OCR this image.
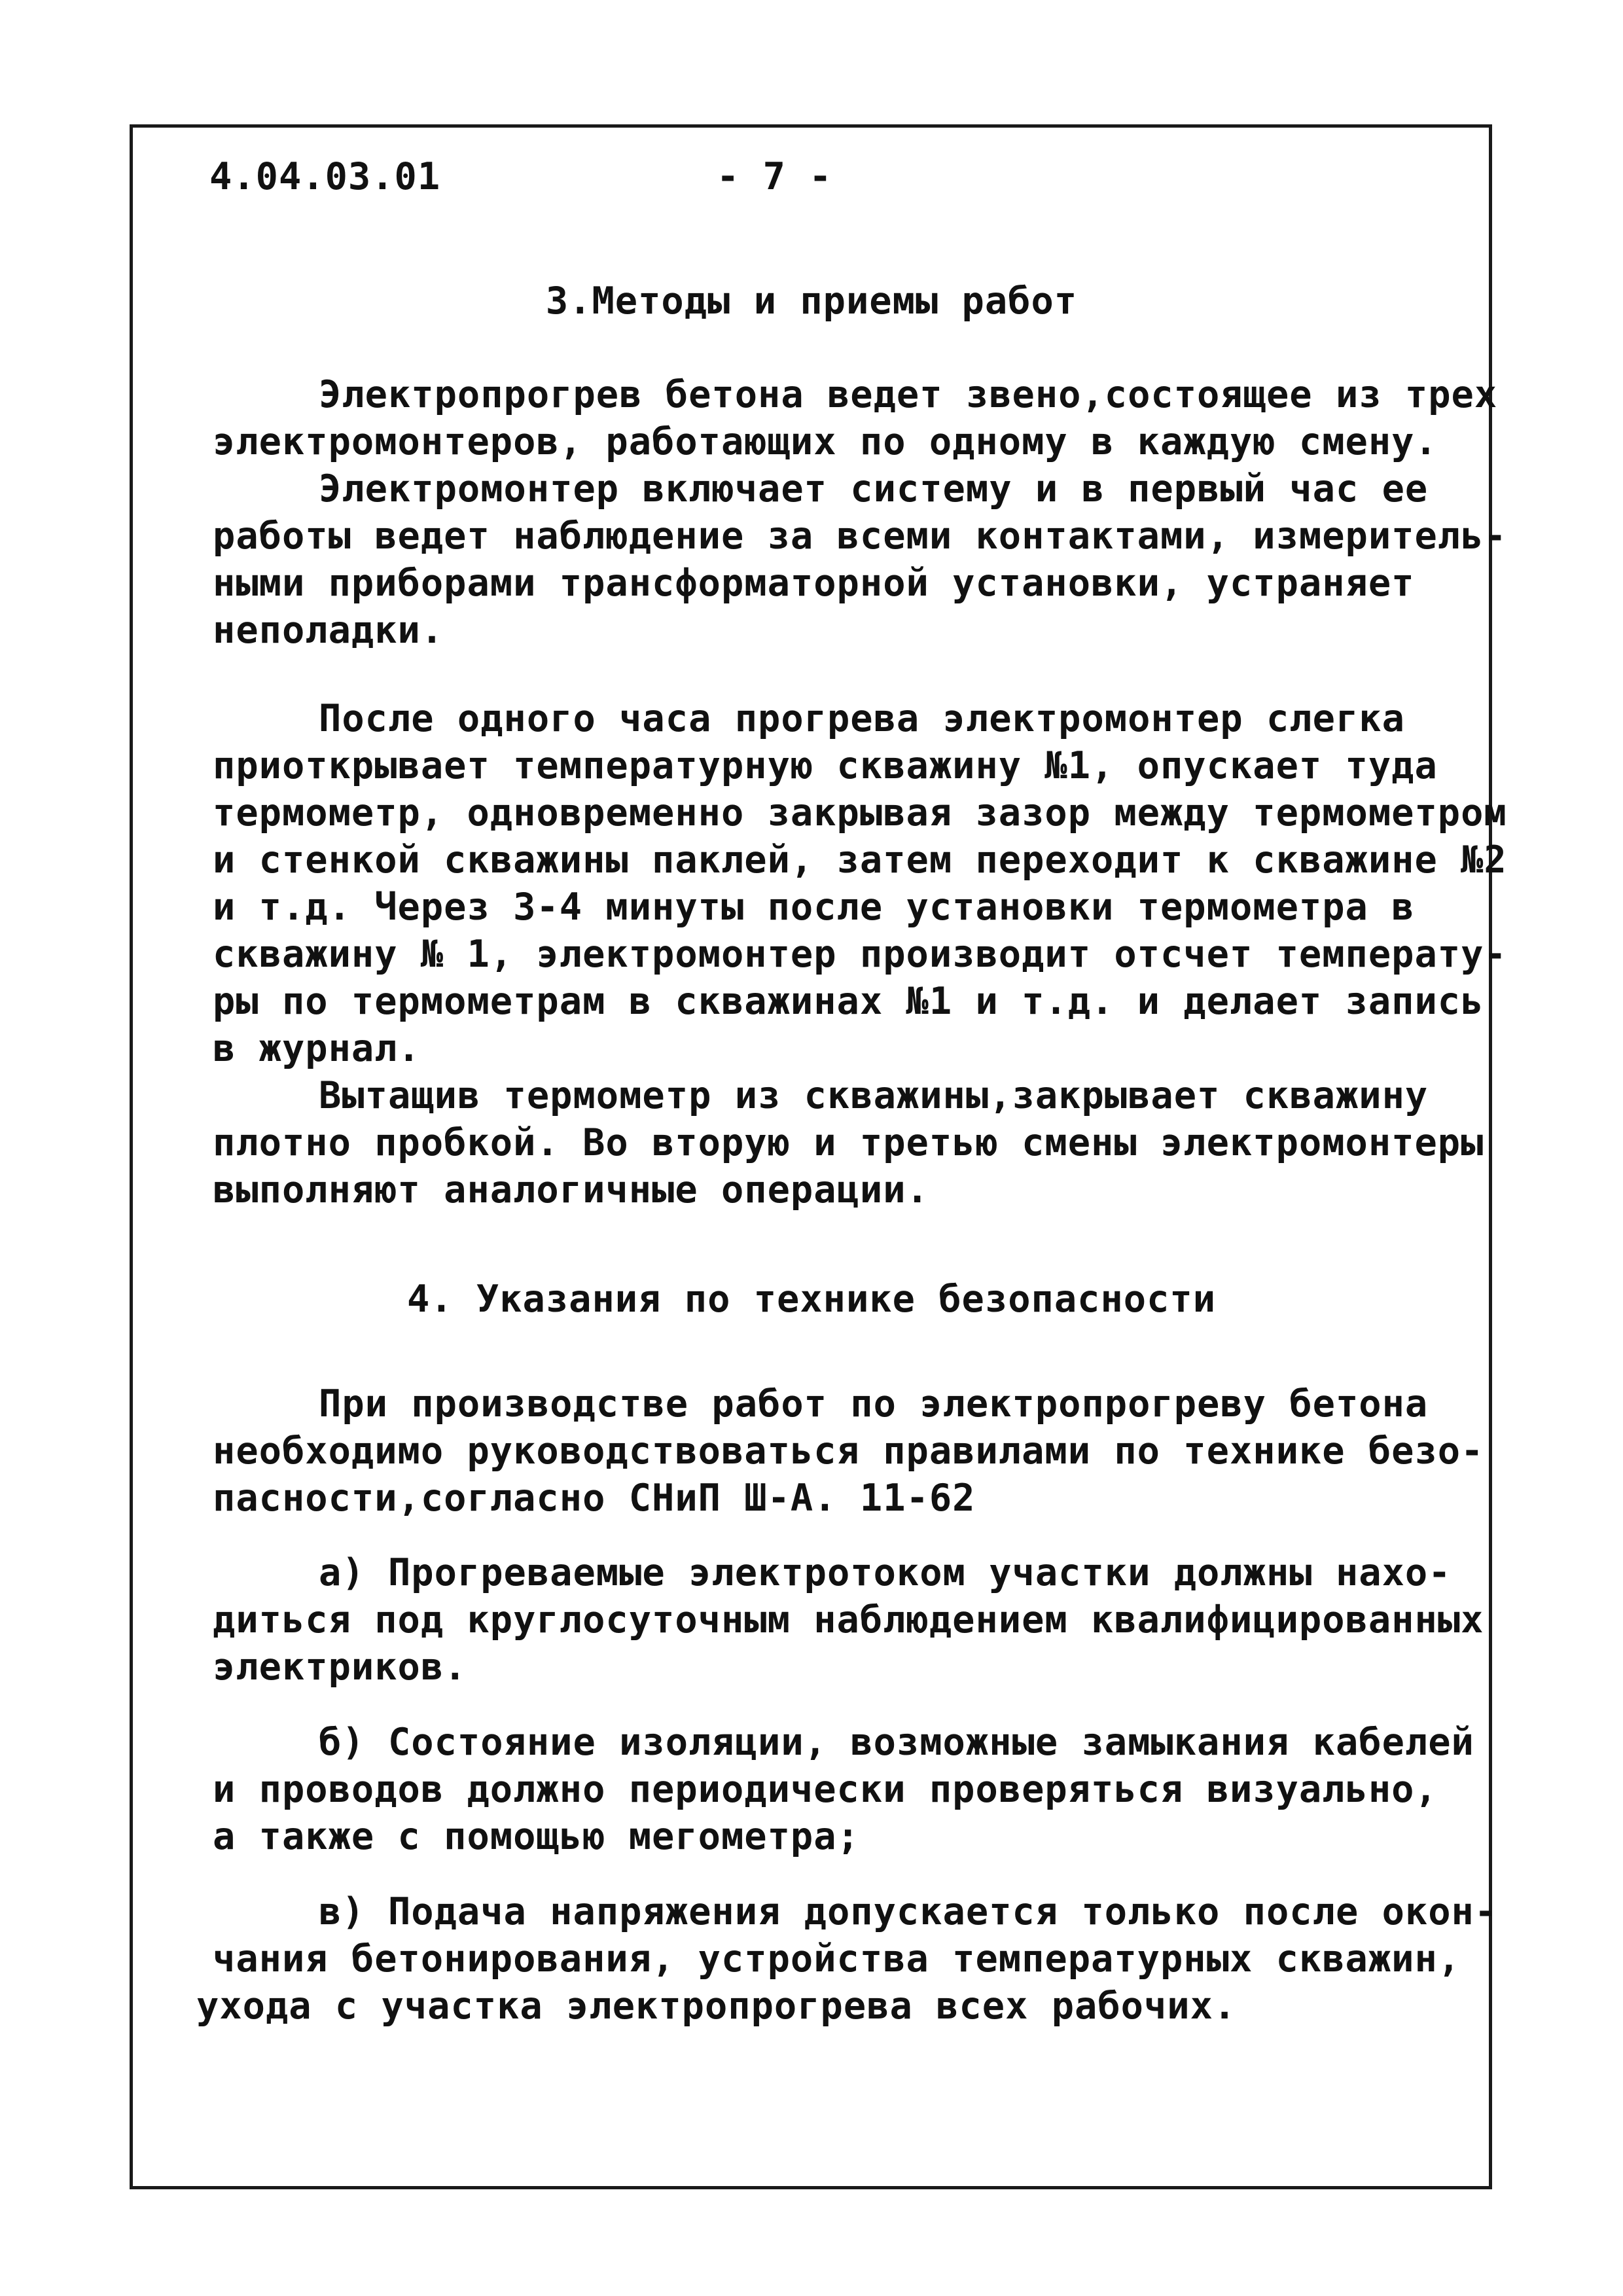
4.04.03.01	- 7 -
3.Методы и приемы работ
Электропрогрев бетона ведет звено,состоящее из трех
электромонтеров, работающих по одному в каждую смену.
Электромонтер включает систему и в первый час ее
работы ведет наблюдение за всеми контактами, измеритель-
ными приборами трансформаторной установки, устраняет
неполадки.
После одного часа прогрева электромонтер слегка
приоткрывает температурную скважину №1, опускает туда
термометр, одновременно закрывая зазор между термометром
и стенкой скважины паклей, затем переходит к скважине №2
и т.д. Через 3-4 минуты после установки термометра в
скважину № 1, электромонтер производит отсчет температу-
ры по термометрам в скважинах №1 и т.д. и делает запись
в журнал.
Вытащив термометр из скважины,закрывает скважину
плотно пробкой. Во вторую и третью смены электромонтеры
выполняют аналогичные операции.
4. Указания по технике безопасности
При производстве работ по электропрогреву бетона
необходимо руководствоваться правилами по технике безо-
пасности,согласно СНиП Ш-А. 11-62
а) Прогреваемые электротоком участки должны нахо-
диться под круглосуточным наблюдением квалифицированных
электриков.
б) Состояние изоляции, возможные замыкания кабелей
и проводов должно периодически проверяться визуально,
а также с помощью мегометра;
в) Подача напряжения допускается только после окон-
чания бетонирования, устройства температурных скважин,
ухода с участка электропрогрева всех рабочих.
